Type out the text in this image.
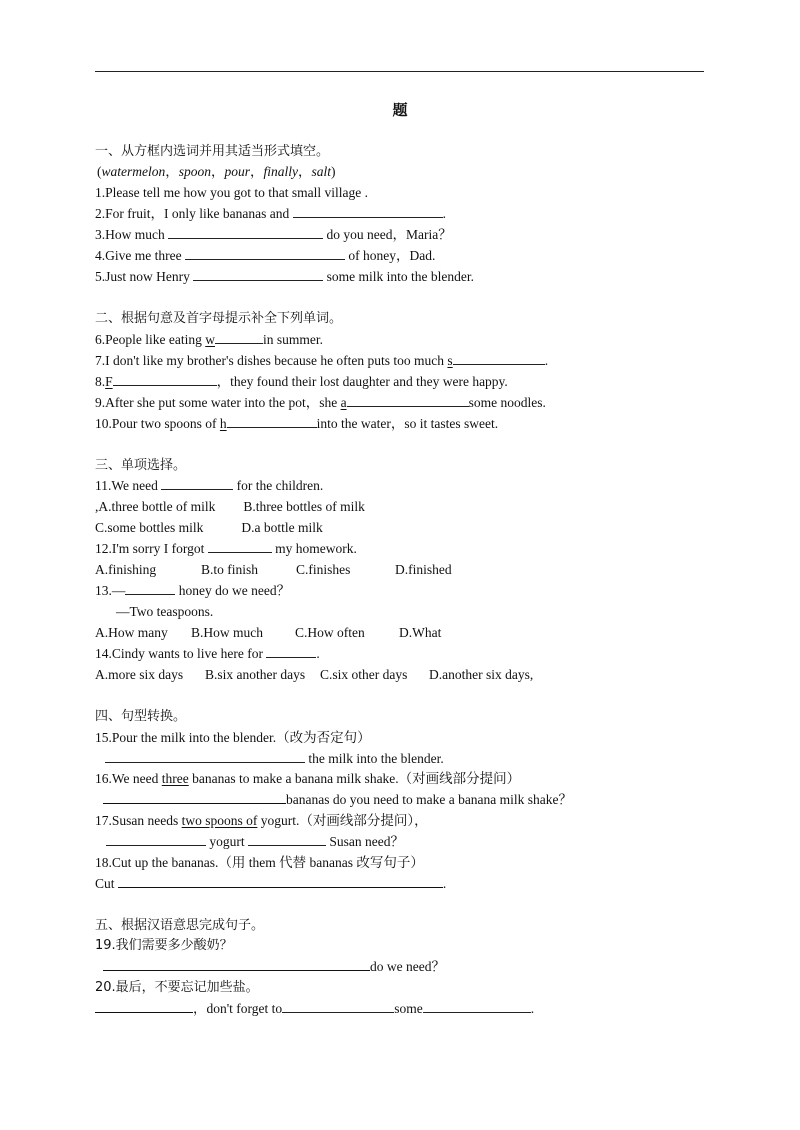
题
一、从方框内选词并用其适当形式填空。
(watermelon，spoon，pour，finally，salt)
1.Please tell me how you got to that small village .
2.For fruit，I only like bananas and	.
3.How much	do you need，Maria？
4.Give me three	of honey，Dad.
5.Just now Henry	some milk into the blender.
二、根据句意及首字母提示补全下列单词。
6.People like eating w	in summer.
7.I don't like my brother's dishes because he often puts too much s	.
8.F	，they found their lost daughter and they were happy.
9.After she put some water into the pot，she a	some noodles.
10.Pour two spoons of h	into the water，so it tastes sweet.
三、单项选择。
11.We need	for the children.
,A.three bottle of milk B.three bottles of milk
C.some bottles milk	D.a bottle milk
12.I'm sorry I forgot	my homework.
A.finishing	B.to finish	C.finishes	D.finished
13.—	honey do we need？
—Two teaspoons.
A.How many B.How much C.How often	D.What
14.Cindy wants to live here for	.
A.more six days B.six another days C.six other days D.another six days,
四、句型转换。
15.Pour the milk into the blender.（改为否定句）
the milk into the blender.
16.We need three bananas to make a banana milk shake.（对画线部分提问）
bananas do you need to make a banana milk shake？
17.Susan needs two spoons of yogurt.（对画线部分提问），
yogurt	Susan need？
18.Cut up the bananas.（用 them 代替 bananas 改写句子）
Cut	.
五、根据汉语意思完成句子。
19.我们需要多少酸奶？
do we need？
20.最后，不要忘记加些盐。
，don't forget to	some	.
